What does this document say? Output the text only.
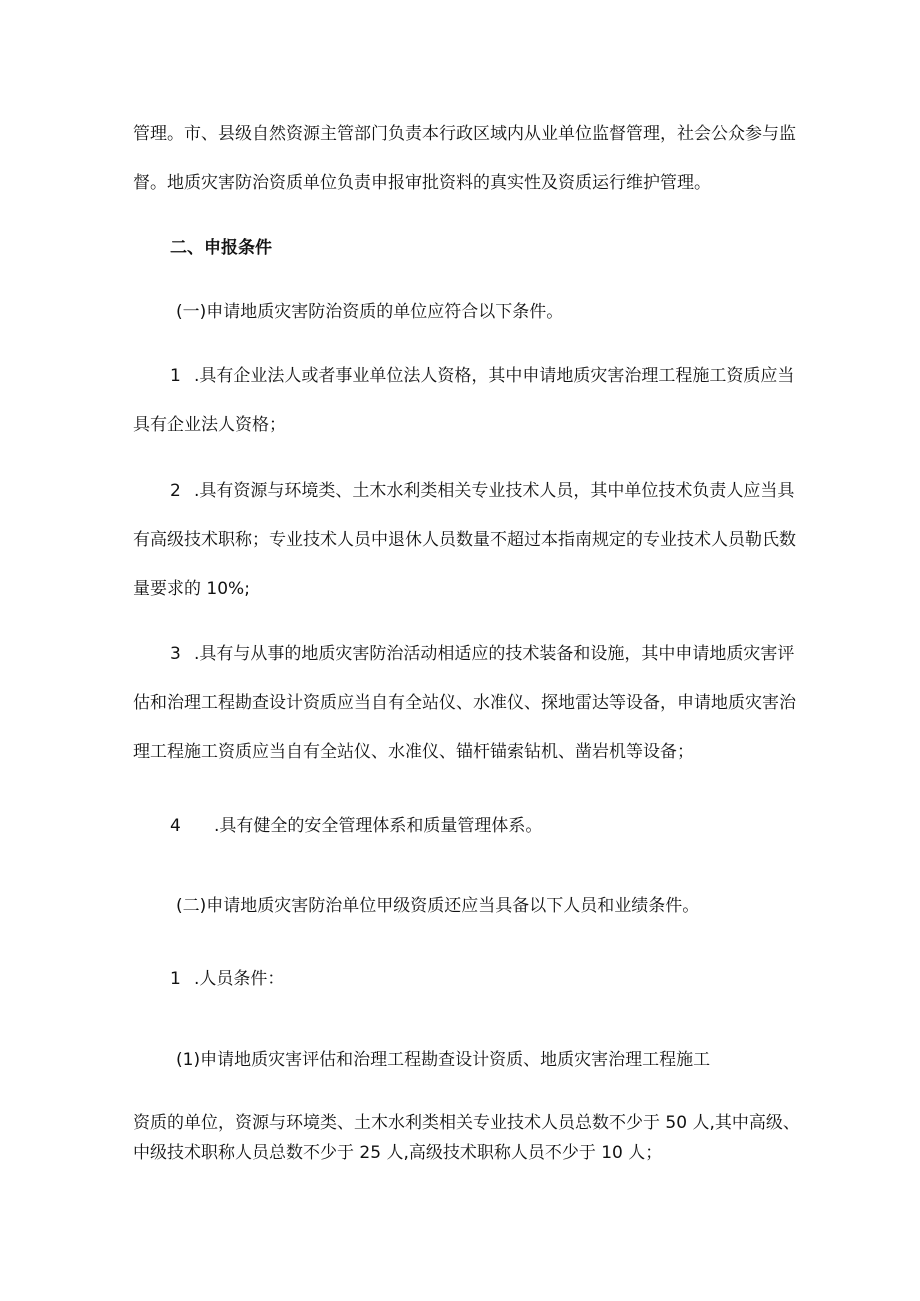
管理。市、县级自然资源主管部门负责本行政区域内从业单位监督管理，社会公众参与监
督。地质灾害防治资质单位负责申报审批资料的真实性及资质运行维护管理。
二、申报条件
(一)申请地质灾害防治资质的单位应符合以下条件。
1 .具有企业法人或者事业单位法人资格，其中申请地质灾害治理工程施工资质应当
具有企业法人资格；
2 .具有资源与环境类、土木水利类相关专业技术人员，其中单位技术负责人应当具
有高级技术职称；专业技术人员中退休人员数量不超过本指南规定的专业技术人员勒氏数
量要求的 10%;
3 .具有与从事的地质灾害防治活动相适应的技术装备和设施，其中申请地质灾害评
估和治理工程勘查设计资质应当自有全站仪、水准仪、探地雷达等设备，申请地质灾害治
理工程施工资质应当自有全站仪、水准仪、锚杆锚索钻机、凿岩机等设备；
4 .具有健全的安全管理体系和质量管理体系。
(二)申请地质灾害防治单位甲级资质还应当具备以下人员和业绩条件。
1 .人员条件：
(1)申请地质灾害评估和治理工程勘查设计资质、地质灾害治理工程施工
资质的单位，资源与环境类、土木水利类相关专业技术人员总数不少于 50 人,其中高级、
中级技术职称人员总数不少于 25 人,高级技术职称人员不少于 10 人；
